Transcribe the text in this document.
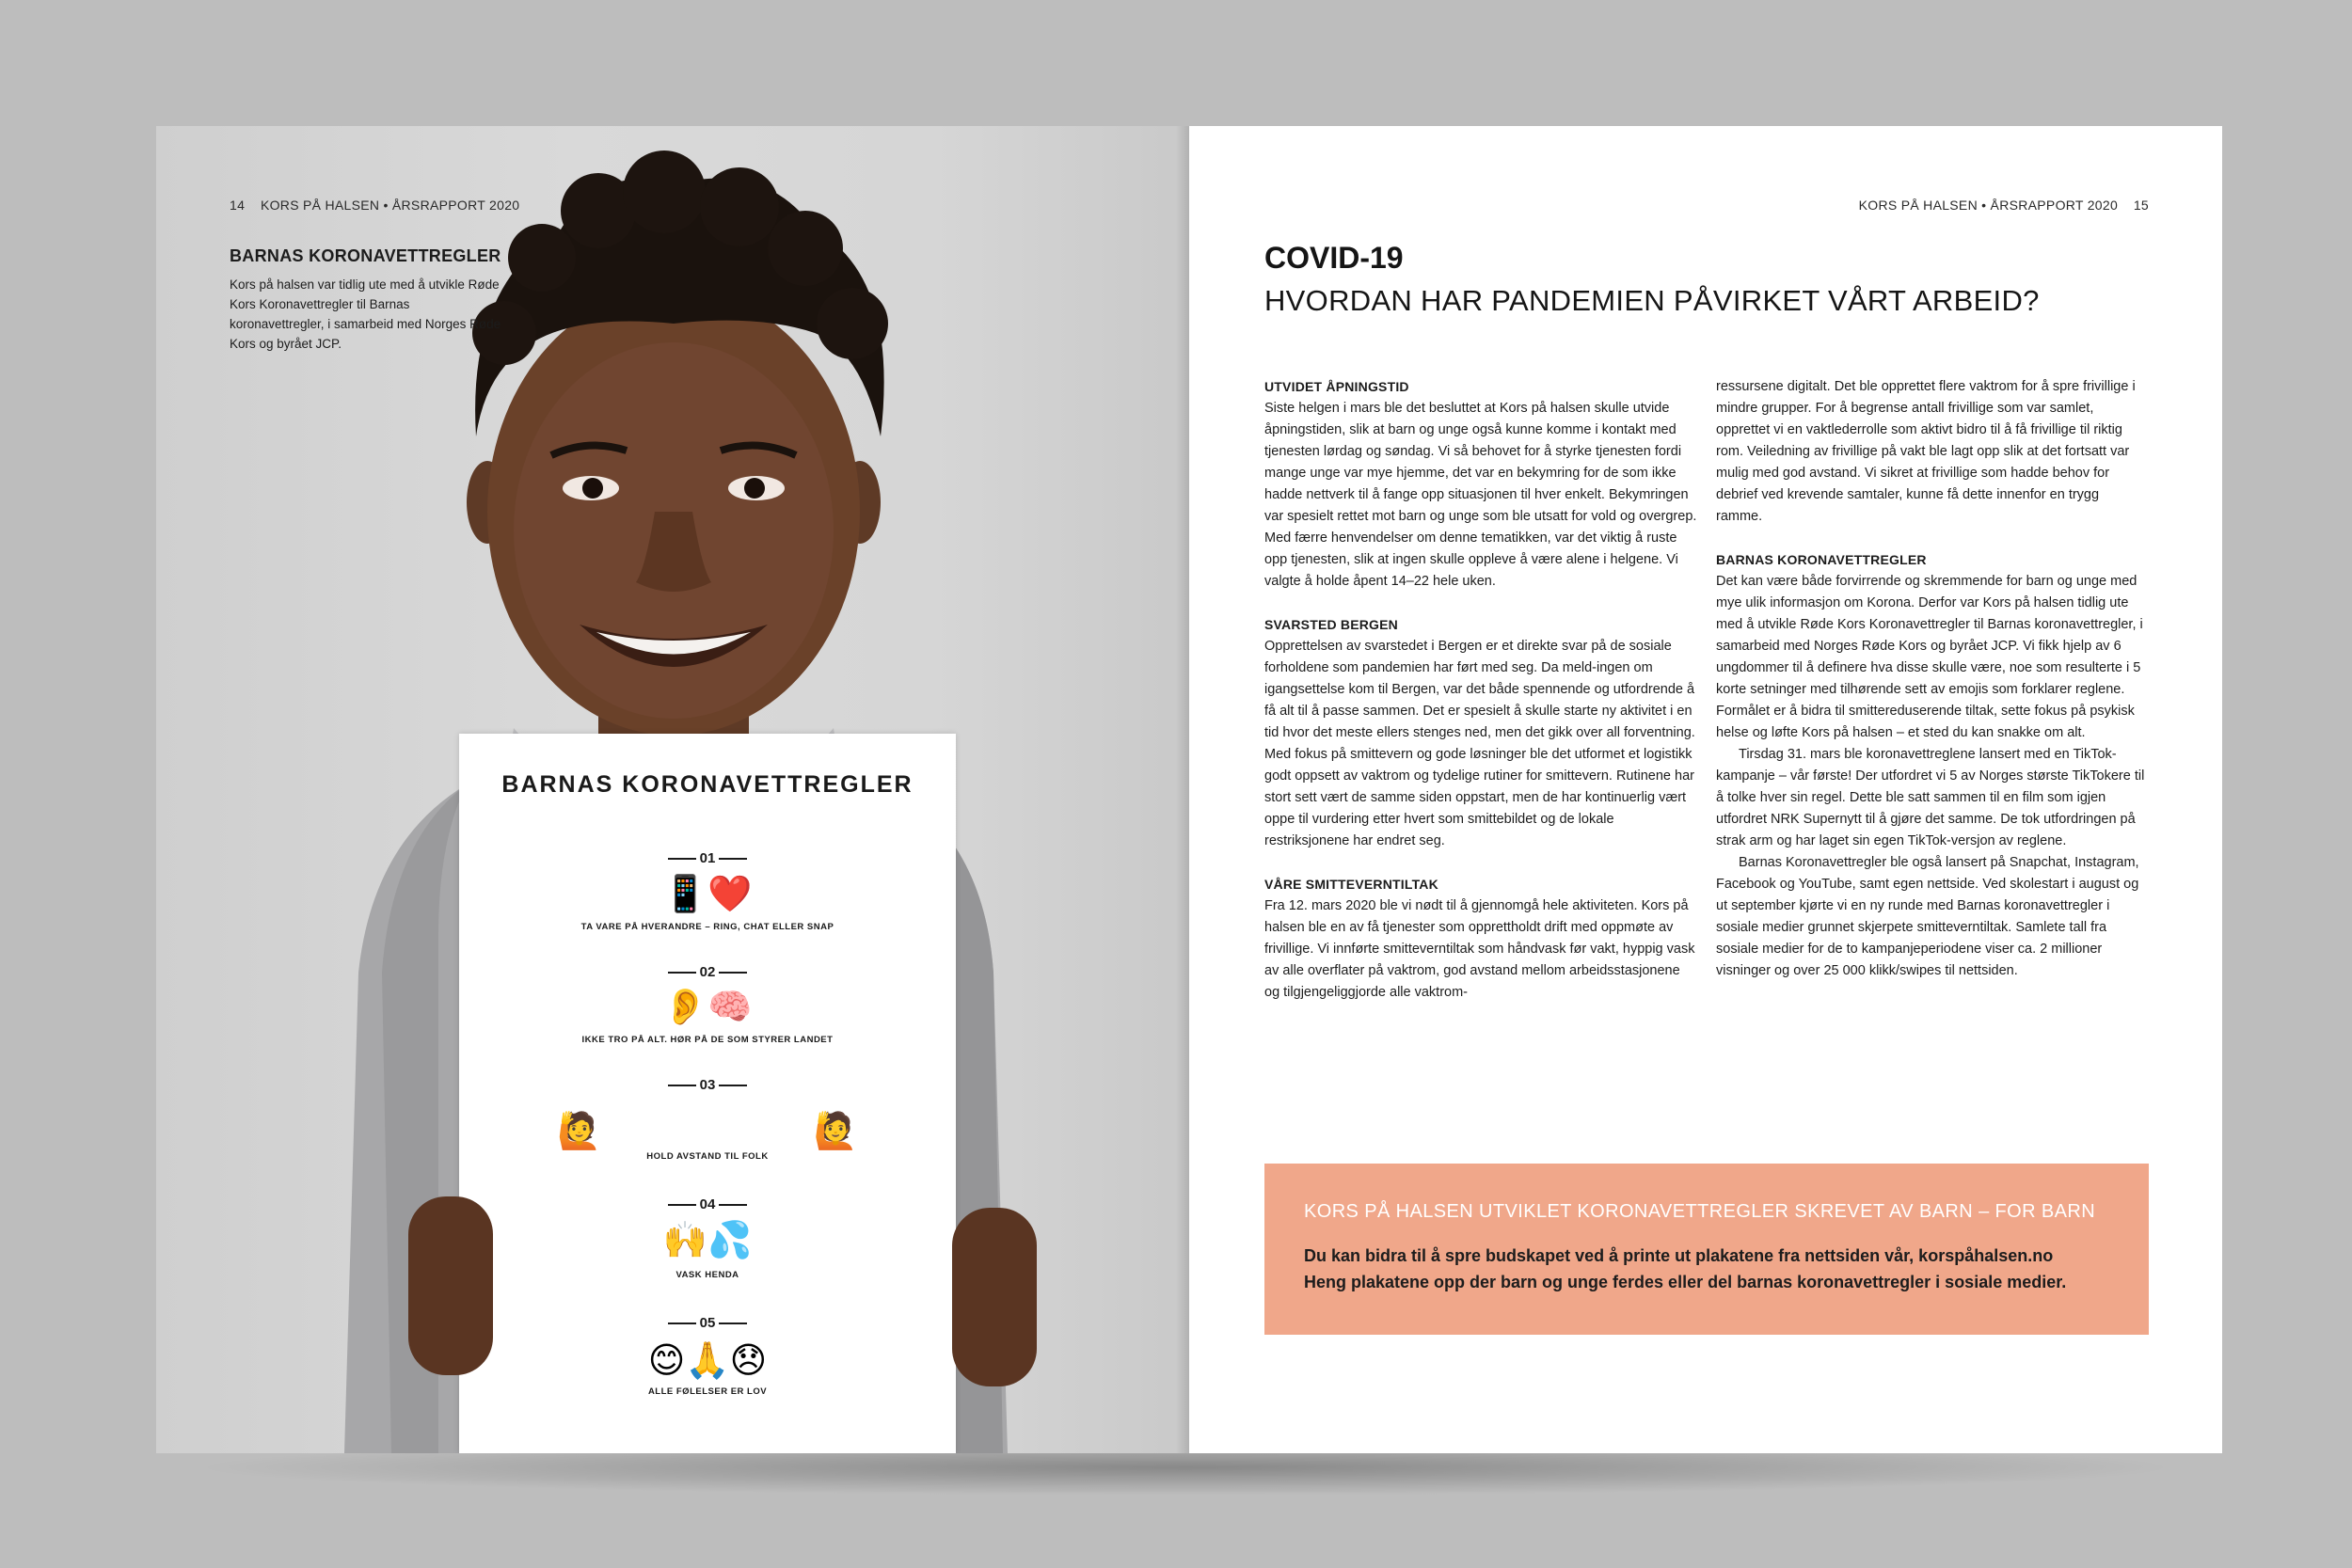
14 KORS PÅ HALSEN • ÅRSRAPPORT 2020
BARNAS KORONAVETTREGLER
Kors på halsen var tidlig ute med å utvikle Røde Kors Koronavettregler til Barnas koronavettregler, i samarbeid med Norges Røde Kors og byrået JCP.
BARNAS KORONAVETTREGLER
01
📱❤️
TA VARE PÅ HVERANDRE – RING, CHAT ELLER SNAP
02
👂🧠
IKKE TRO PÅ ALT. HØR PÅ DE SOM STYRER LANDET
03
🙋	🙋
HOLD AVSTAND TIL FOLK
04
🙌💦
VASK HENDA
05
😊🙏😞
ALLE FØLELSER ER LOV
KORS PÅ HALSEN • ÅRSRAPPORT 2020 15
COVID-19
HVORDAN HAR PANDEMIEN PÅVIRKET VÅRT ARBEID?
UTVIDET ÅPNINGSTID

Siste helgen i mars ble det besluttet at Kors på halsen skulle utvide åpningstiden, slik at barn og unge også kunne komme i kontakt med tjenesten lørdag og søndag. Vi så behovet for å styrke tjenesten fordi mange unge var mye hjemme, det var en bekymring for de som ikke hadde nettverk til å fange opp situasjonen til hver enkelt. Bekymringen var spesielt rettet mot barn og unge som ble utsatt for vold og overgrep. Med færre henvendelser om denne tematikken, var det viktig å ruste opp tjenesten, slik at ingen skulle oppleve å være alene i helgene. Vi valgte å holde åpent 14–22 hele uken.

SVARSTED BERGEN

Opprettelsen av svarstedet i Bergen er et direkte svar på de sosiale forholdene som pandemien har ført med seg. Da meld-ingen om igangsettelse kom til Bergen, var det både spennende og utfordrende å få alt til å passe sammen. Det er spesielt å skulle starte ny aktivitet i en tid hvor det meste ellers stenges ned, men det gikk over all forventning. Med fokus på smittevern og gode løsninger ble det utformet et logistikk godt oppsett av vaktrom og tydelige rutiner for smittevern. Rutinene har stort sett vært de samme siden oppstart, men de har kontinuerlig vært oppe til vurdering etter hvert som smittebildet og de lokale restriksjonene har endret seg.

VÅRE SMITTEVERNTILTAK

Fra 12. mars 2020 ble vi nødt til å gjennomgå hele aktiviteten. Kors på halsen ble en av få tjenester som opprettholdt drift med oppmøte av frivillige. Vi innførte smitteverntiltak som håndvask før vakt, hyppig vask av alle overflater på vaktrom, god avstand mellom arbeidsstasjonene og tilgjengeliggjorde alle vaktrom-

ressursene digitalt. Det ble opprettet flere vaktrom for å spre frivillige i mindre grupper. For å begrense antall frivillige som var samlet, opprettet vi en vaktlederrolle som aktivt bidro til å få frivillige til riktig rom. Veiledning av frivillige på vakt ble lagt opp slik at det fortsatt var mulig med god avstand. Vi sikret at frivillige som hadde behov for debrief ved krevende samtaler, kunne få dette innenfor en trygg ramme.

BARNAS KORONAVETTREGLER

Det kan være både forvirrende og skremmende for barn og unge med mye ulik informasjon om Korona. Derfor var Kors på halsen tidlig ute med å utvikle Røde Kors Koronavettregler til Barnas koronavettregler, i samarbeid med Norges Røde Kors og byrået JCP. Vi fikk hjelp av 6 ungdommer til å definere hva disse skulle være, noe som resulterte i 5 korte setninger med tilhørende sett av emojis som forklarer reglene. Formålet er å bidra til smittereduserende tiltak, sette fokus på psykisk helse og løfte Kors på halsen – et sted du kan snakke om alt.

Tirsdag 31. mars ble koronavettreglene lansert med en TikTok-kampanje – vår første! Der utfordret vi 5 av Norges største TikTokere til å tolke hver sin regel. Dette ble satt sammen til en film som igjen utfordret NRK Supernytt til å gjøre det samme. De tok utfordringen på strak arm og har laget sin egen TikTok-versjon av reglene.

Barnas Koronavettregler ble også lansert på Snapchat, Instagram, Facebook og YouTube, samt egen nettside. Ved skolestart i august og ut september kjørte vi en ny runde med Barnas koronavettregler i sosiale medier grunnet skjerpete smitteverntiltak. Samlete tall fra sosiale medier for de to kampanjeperiodene viser ca. 2 millioner visninger og over 25 000 klikk/swipes til nettsiden.

KORS PÅ HALSEN UTVIKLET KORONAVETTREGLER SKREVET AV BARN – FOR BARN
Du kan bidra til å spre budskapet ved å printe ut plakatene fra nettsiden vår, korspåhalsen.no
Heng plakatene opp der barn og unge ferdes eller del barnas koronavettregler i sosiale medier.
